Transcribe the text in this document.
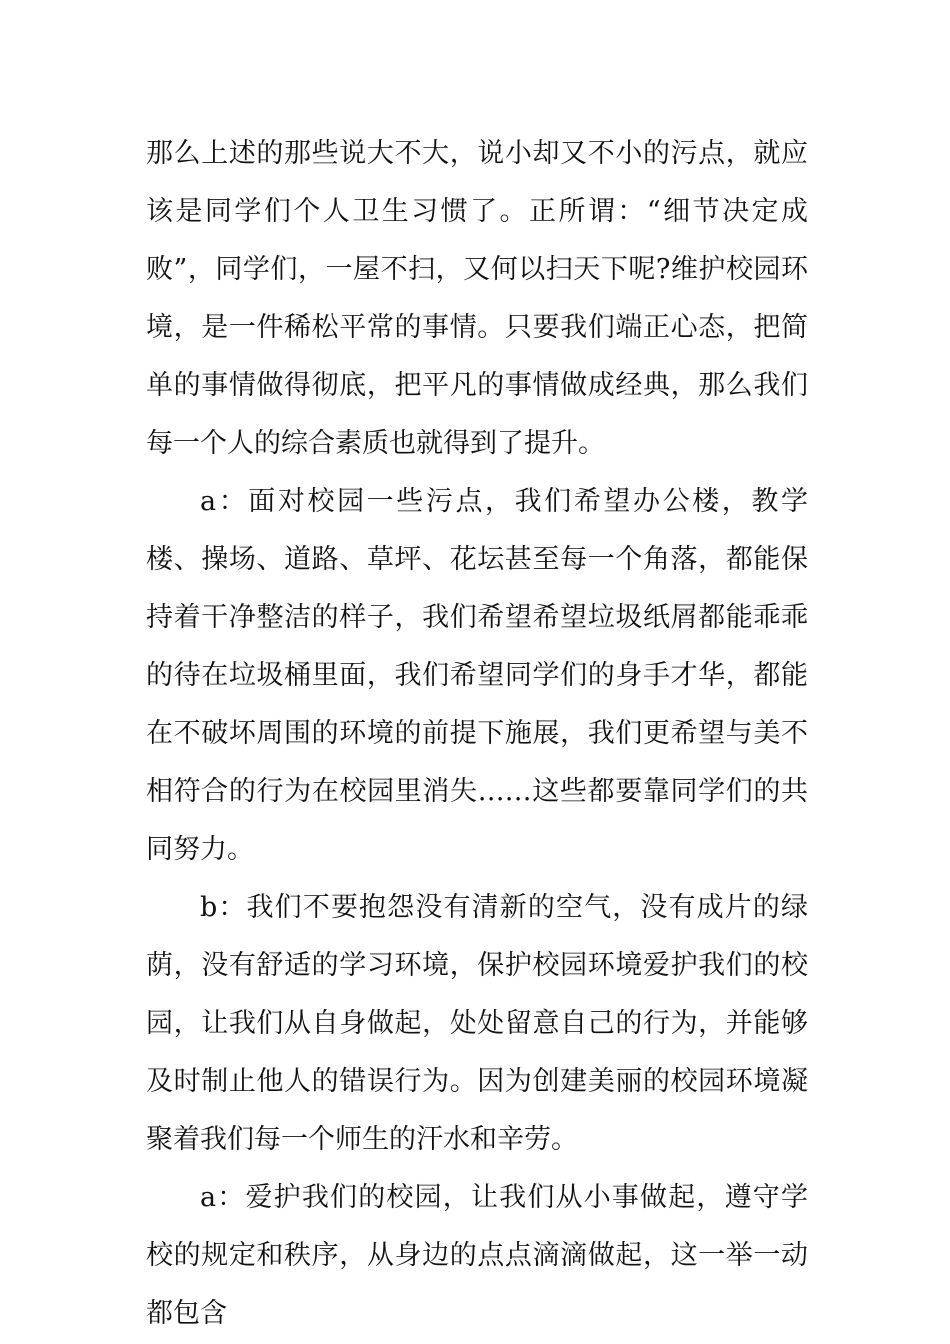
那么上述的那些说大不大，说小却又不小的污点，就应该是同学们个人卫生习惯了。正所谓：“细节决定成败”，同学们，一屋不扫，又何以扫天下呢?维护校园环境，是一件稀松平常的事情。只要我们端正心态，把简单的事情做得彻底，把平凡的事情做成经典，那么我们每一个人的综合素质也就得到了提升。

a：面对校园一些污点，我们希望办公楼，教学楼、操场、道路、草坪、花坛甚至每一个角落，都能保持着干净整洁的样子，我们希望希望垃圾纸屑都能乖乖的待在垃圾桶里面，我们希望同学们的身手才华，都能在不破坏周围的环境的前提下施展，我们更希望与美不相符合的行为在校园里消失……这些都要靠同学们的共同努力。

b：我们不要抱怨没有清新的空气，没有成片的绿荫，没有舒适的学习环境，保护校园环境爱护我们的校园，让我们从自身做起，处处留意自己的行为，并能够及时制止他人的错误行为。因为创建美丽的校园环境凝聚着我们每一个师生的汗水和辛劳。

a：爱护我们的校园，让我们从小事做起，遵守学校的规定和秩序，从身边的点点滴滴做起，这一举一动都包含
